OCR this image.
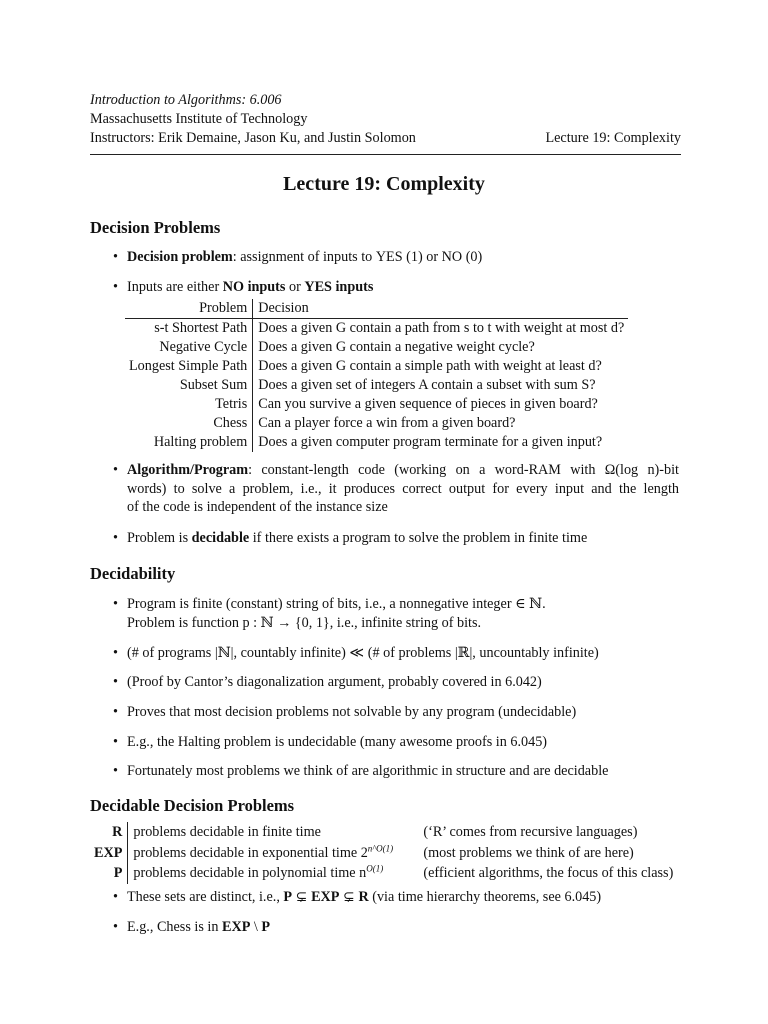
Introduction to Algorithms: 6.006
Massachusetts Institute of Technology
Instructors: Erik Demaine, Jason Ku, and Justin Solomon	Lecture 19: Complexity
Lecture 19: Complexity
Decision Problems
• Decision problem: assignment of inputs to YES (1) or NO (0)
• Inputs are either NO inputs or YES inputs
Problem	Decision
s-t Shortest Path	Does a given G contain a path from s to t with weight at most d?
Negative Cycle	Does a given G contain a negative weight cycle?
Longest Simple Path	Does a given G contain a simple path with weight at least d?
Subset Sum	Does a given set of integers A contain a subset with sum S?
Tetris	Can you survive a given sequence of pieces in given board?
Chess	Can a player force a win from a given board?
Halting problem	Does a given computer program terminate for a given input?
• Algorithm/Program: constant-length code (working on a word-RAM with Ω(log n)-bit
words) to solve a problem, i.e., it produces correct output for every input and the length
of the code is independent of the instance size
• Problem is decidable if there exists a program to solve the problem in finite time
Decidability
• Program is finite (constant) string of bits, i.e., a nonnegative integer ∈ ℕ.
Problem is function p : ℕ → {0, 1}, i.e., infinite string of bits.
• (# of programs |ℕ|, countably infinite) ≪ (# of problems |ℝ|, uncountably infinite)
• (Proof by Cantor’s diagonalization argument, probably covered in 6.042)
• Proves that most decision problems not solvable by any program (undecidable)
• E.g., the Halting problem is undecidable (many awesome proofs in 6.045)
• Fortunately most problems we think of are algorithmic in structure and are decidable
Decidable Decision Problems
R	problems decidable in finite time	(‘R’ comes from recursive languages)
EXP	problems decidable in exponential time $2^{n\^{}O(1)}$	(most problems we think of are here)
P	problems decidable in polynomial time $n^{O(1)}$	(efficient algorithms, the focus of this class)
• These sets are distinct, i.e., P ⊊ EXP ⊊ R (via time hierarchy theorems, see 6.045)
• E.g., Chess is in EXP \ P
